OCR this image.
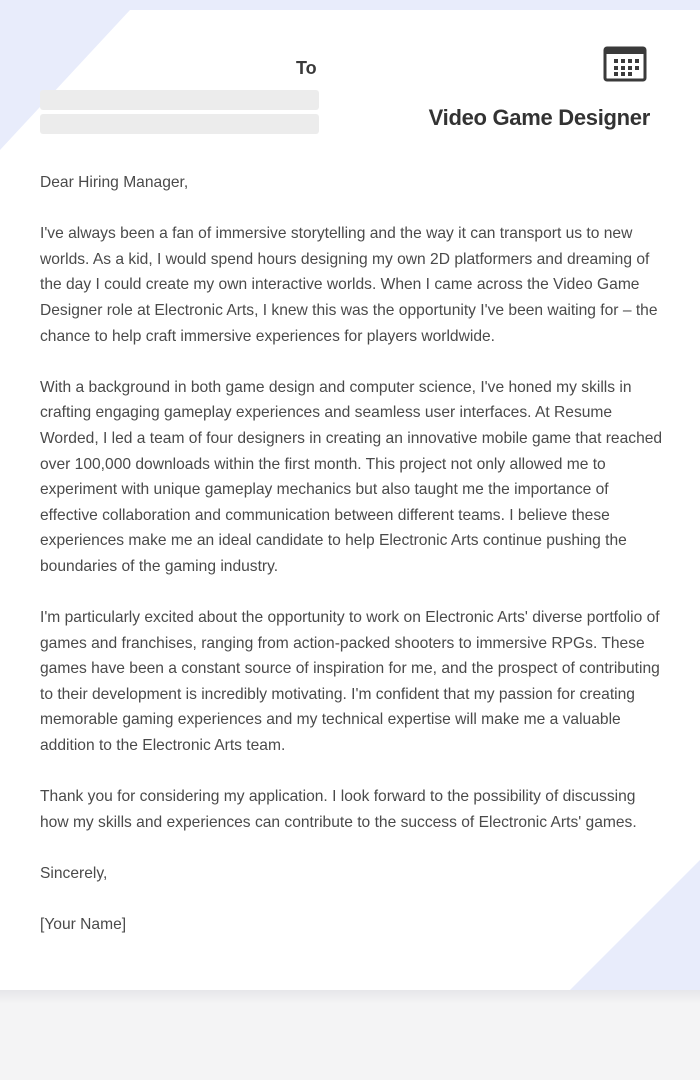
To
Video Game Designer

Dear Hiring Manager,

I've always been a fan of immersive storytelling and the way it can transport us to new worlds. As a kid, I would spend hours designing my own 2D platformers and dreaming of the day I could create my own interactive worlds. When I came across the Video Game Designer role at Electronic Arts, I knew this was the opportunity I've been waiting for – the chance to help craft immersive experiences for players worldwide.

With a background in both game design and computer science, I've honed my skills in crafting engaging gameplay experiences and seamless user interfaces. At Resume Worded, I led a team of four designers in creating an innovative mobile game that reached over 100,000 downloads within the first month. This project not only allowed me to experiment with unique gameplay mechanics but also taught me the importance of effective collaboration and communication between different teams. I believe these experiences make me an ideal candidate to help Electronic Arts continue pushing the boundaries of the gaming industry.

I'm particularly excited about the opportunity to work on Electronic Arts' diverse portfolio of games and franchises, ranging from action-packed shooters to immersive RPGs. These games have been a constant source of inspiration for me, and the prospect of contributing to their development is incredibly motivating. I'm confident that my passion for creating memorable gaming experiences and my technical expertise will make me a valuable addition to the Electronic Arts team.

Thank you for considering my application. I look forward to the possibility of discussing how my skills and experiences can contribute to the success of Electronic Arts' games.

Sincerely,

[Your Name]
